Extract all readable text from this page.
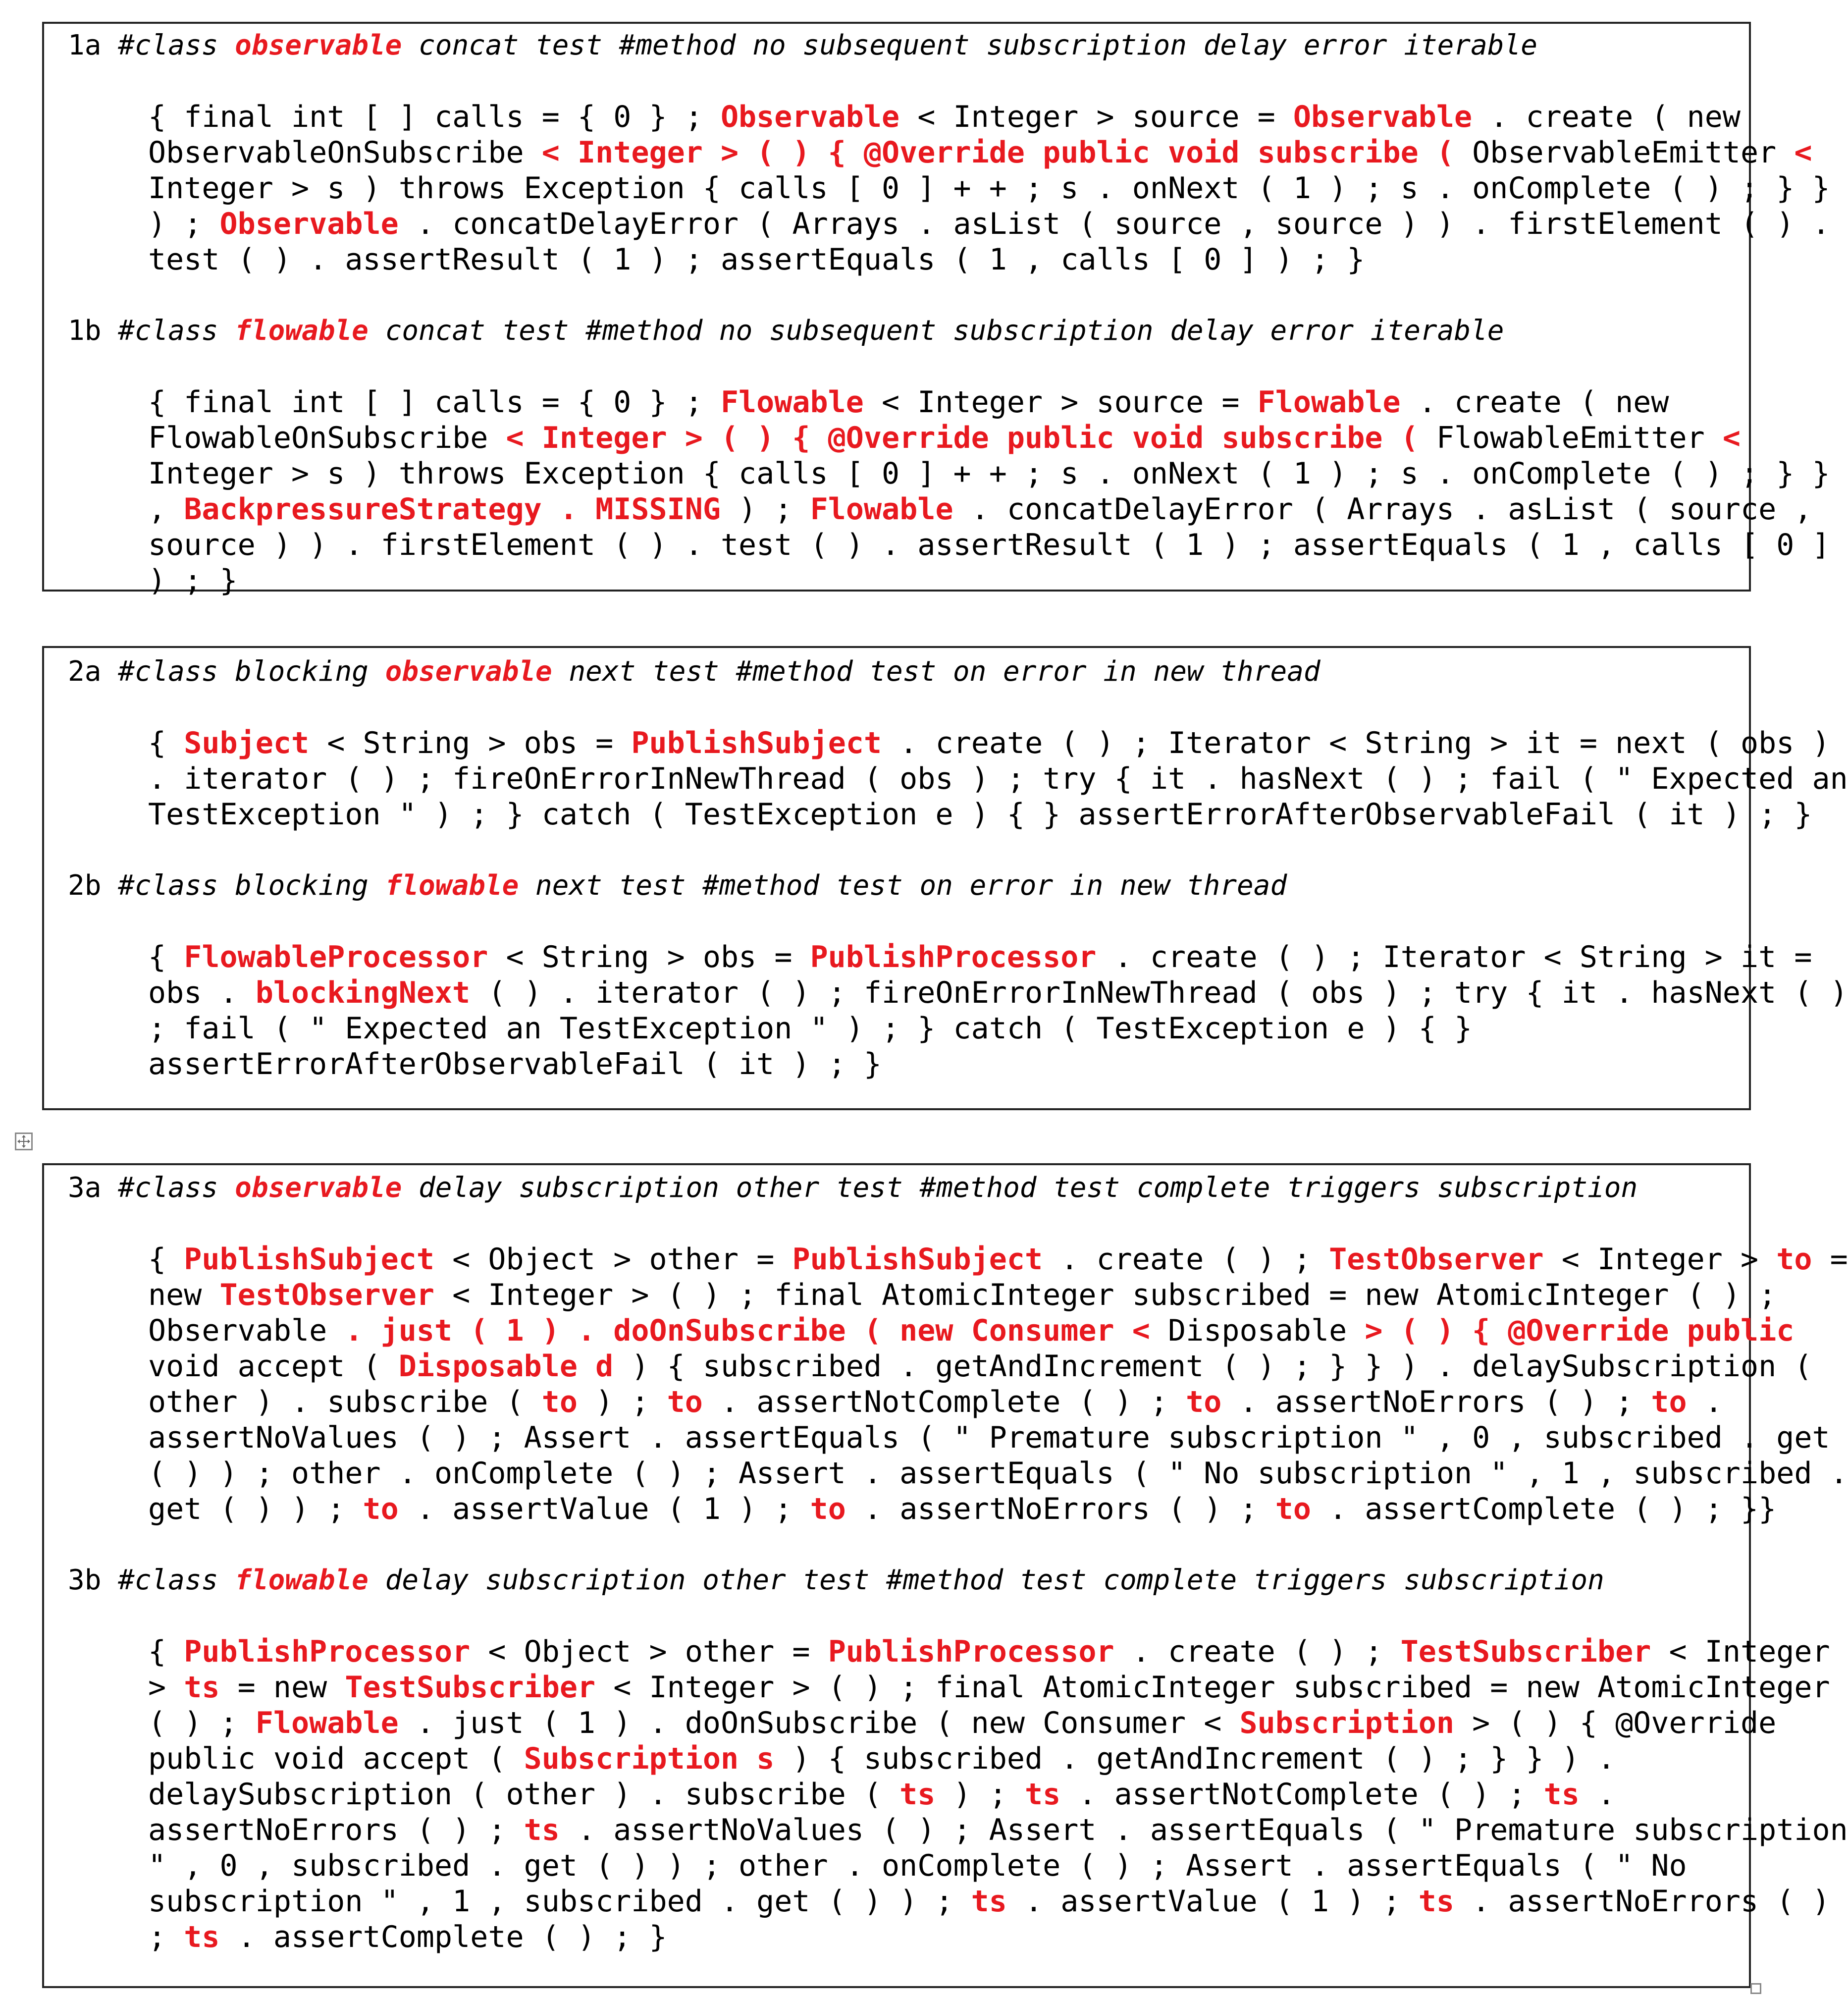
1a #class observable concat test #method no subsequent subscription delay error iterable
{ final int [ ] calls = { 0 } ; Observable < Integer > source = Observable . create ( new
ObservableOnSubscribe < Integer > ( ) { @Override public void subscribe ( ObservableEmitter <
Integer > s ) throws Exception { calls [ 0 ] + + ; s . onNext ( 1 ) ; s . onComplete ( ) ; } }
) ; Observable . concatDelayError ( Arrays . asList ( source , source ) ) . firstElement ( ) .
test ( ) . assertResult ( 1 ) ; assertEquals ( 1 , calls [ 0 ] ) ; }
1b #class flowable concat test #method no subsequent subscription delay error iterable
{ final int [ ] calls = { 0 } ; Flowable < Integer > source = Flowable . create ( new
FlowableOnSubscribe < Integer > ( ) { @Override public void subscribe ( FlowableEmitter <
Integer > s ) throws Exception { calls [ 0 ] + + ; s . onNext ( 1 ) ; s . onComplete ( ) ; } }
, BackpressureStrategy . MISSING ) ; Flowable . concatDelayError ( Arrays . asList ( source ,
source ) ) . firstElement ( ) . test ( ) . assertResult ( 1 ) ; assertEquals ( 1 , calls [ 0 ]
) ; }
2a #class blocking observable next test #method test on error in new thread
{ Subject < String > obs = PublishSubject . create ( ) ; Iterator < String > it = next ( obs )
. iterator ( ) ; fireOnErrorInNewThread ( obs ) ; try { it . hasNext ( ) ; fail ( " Expected an
TestException " ) ; } catch ( TestException e ) { } assertErrorAfterObservableFail ( it ) ; }
2b #class blocking flowable next test #method test on error in new thread
{ FlowableProcessor < String > obs = PublishProcessor . create ( ) ; Iterator < String > it =
obs . blockingNext ( ) . iterator ( ) ; fireOnErrorInNewThread ( obs ) ; try { it . hasNext ( )
; fail ( " Expected an TestException " ) ; } catch ( TestException e ) { }
assertErrorAfterObservableFail ( it ) ; }
3a #class observable delay subscription other test #method test complete triggers subscription
{ PublishSubject < Object > other = PublishSubject . create ( ) ; TestObserver < Integer > to =
new TestObserver < Integer > ( ) ; final AtomicInteger subscribed = new AtomicInteger ( ) ;
Observable . just ( 1 ) . doOnSubscribe ( new Consumer < Disposable > ( ) { @Override public
void accept ( Disposable d ) { subscribed . getAndIncrement ( ) ; } } ) . delaySubscription (
other ) . subscribe ( to ) ; to . assertNotComplete ( ) ; to . assertNoErrors ( ) ; to .
assertNoValues ( ) ; Assert . assertEquals ( " Premature subscription " , 0 , subscribed . get
( ) ) ; other . onComplete ( ) ; Assert . assertEquals ( " No subscription " , 1 , subscribed .
get ( ) ) ; to . assertValue ( 1 ) ; to . assertNoErrors ( ) ; to . assertComplete ( ) ; }}
3b #class flowable delay subscription other test #method test complete triggers subscription
{ PublishProcessor < Object > other = PublishProcessor . create ( ) ; TestSubscriber < Integer
> ts = new TestSubscriber < Integer > ( ) ; final AtomicInteger subscribed = new AtomicInteger
( ) ; Flowable . just ( 1 ) . doOnSubscribe ( new Consumer < Subscription > ( ) { @Override
public void accept ( Subscription s ) { subscribed . getAndIncrement ( ) ; } } ) .
delaySubscription ( other ) . subscribe ( ts ) ; ts . assertNotComplete ( ) ; ts .
assertNoErrors ( ) ; ts . assertNoValues ( ) ; Assert . assertEquals ( " Premature subscription
" , 0 , subscribed . get ( ) ) ; other . onComplete ( ) ; Assert . assertEquals ( " No
subscription " , 1 , subscribed . get ( ) ) ; ts . assertValue ( 1 ) ; ts . assertNoErrors ( )
; ts . assertComplete ( ) ; }
